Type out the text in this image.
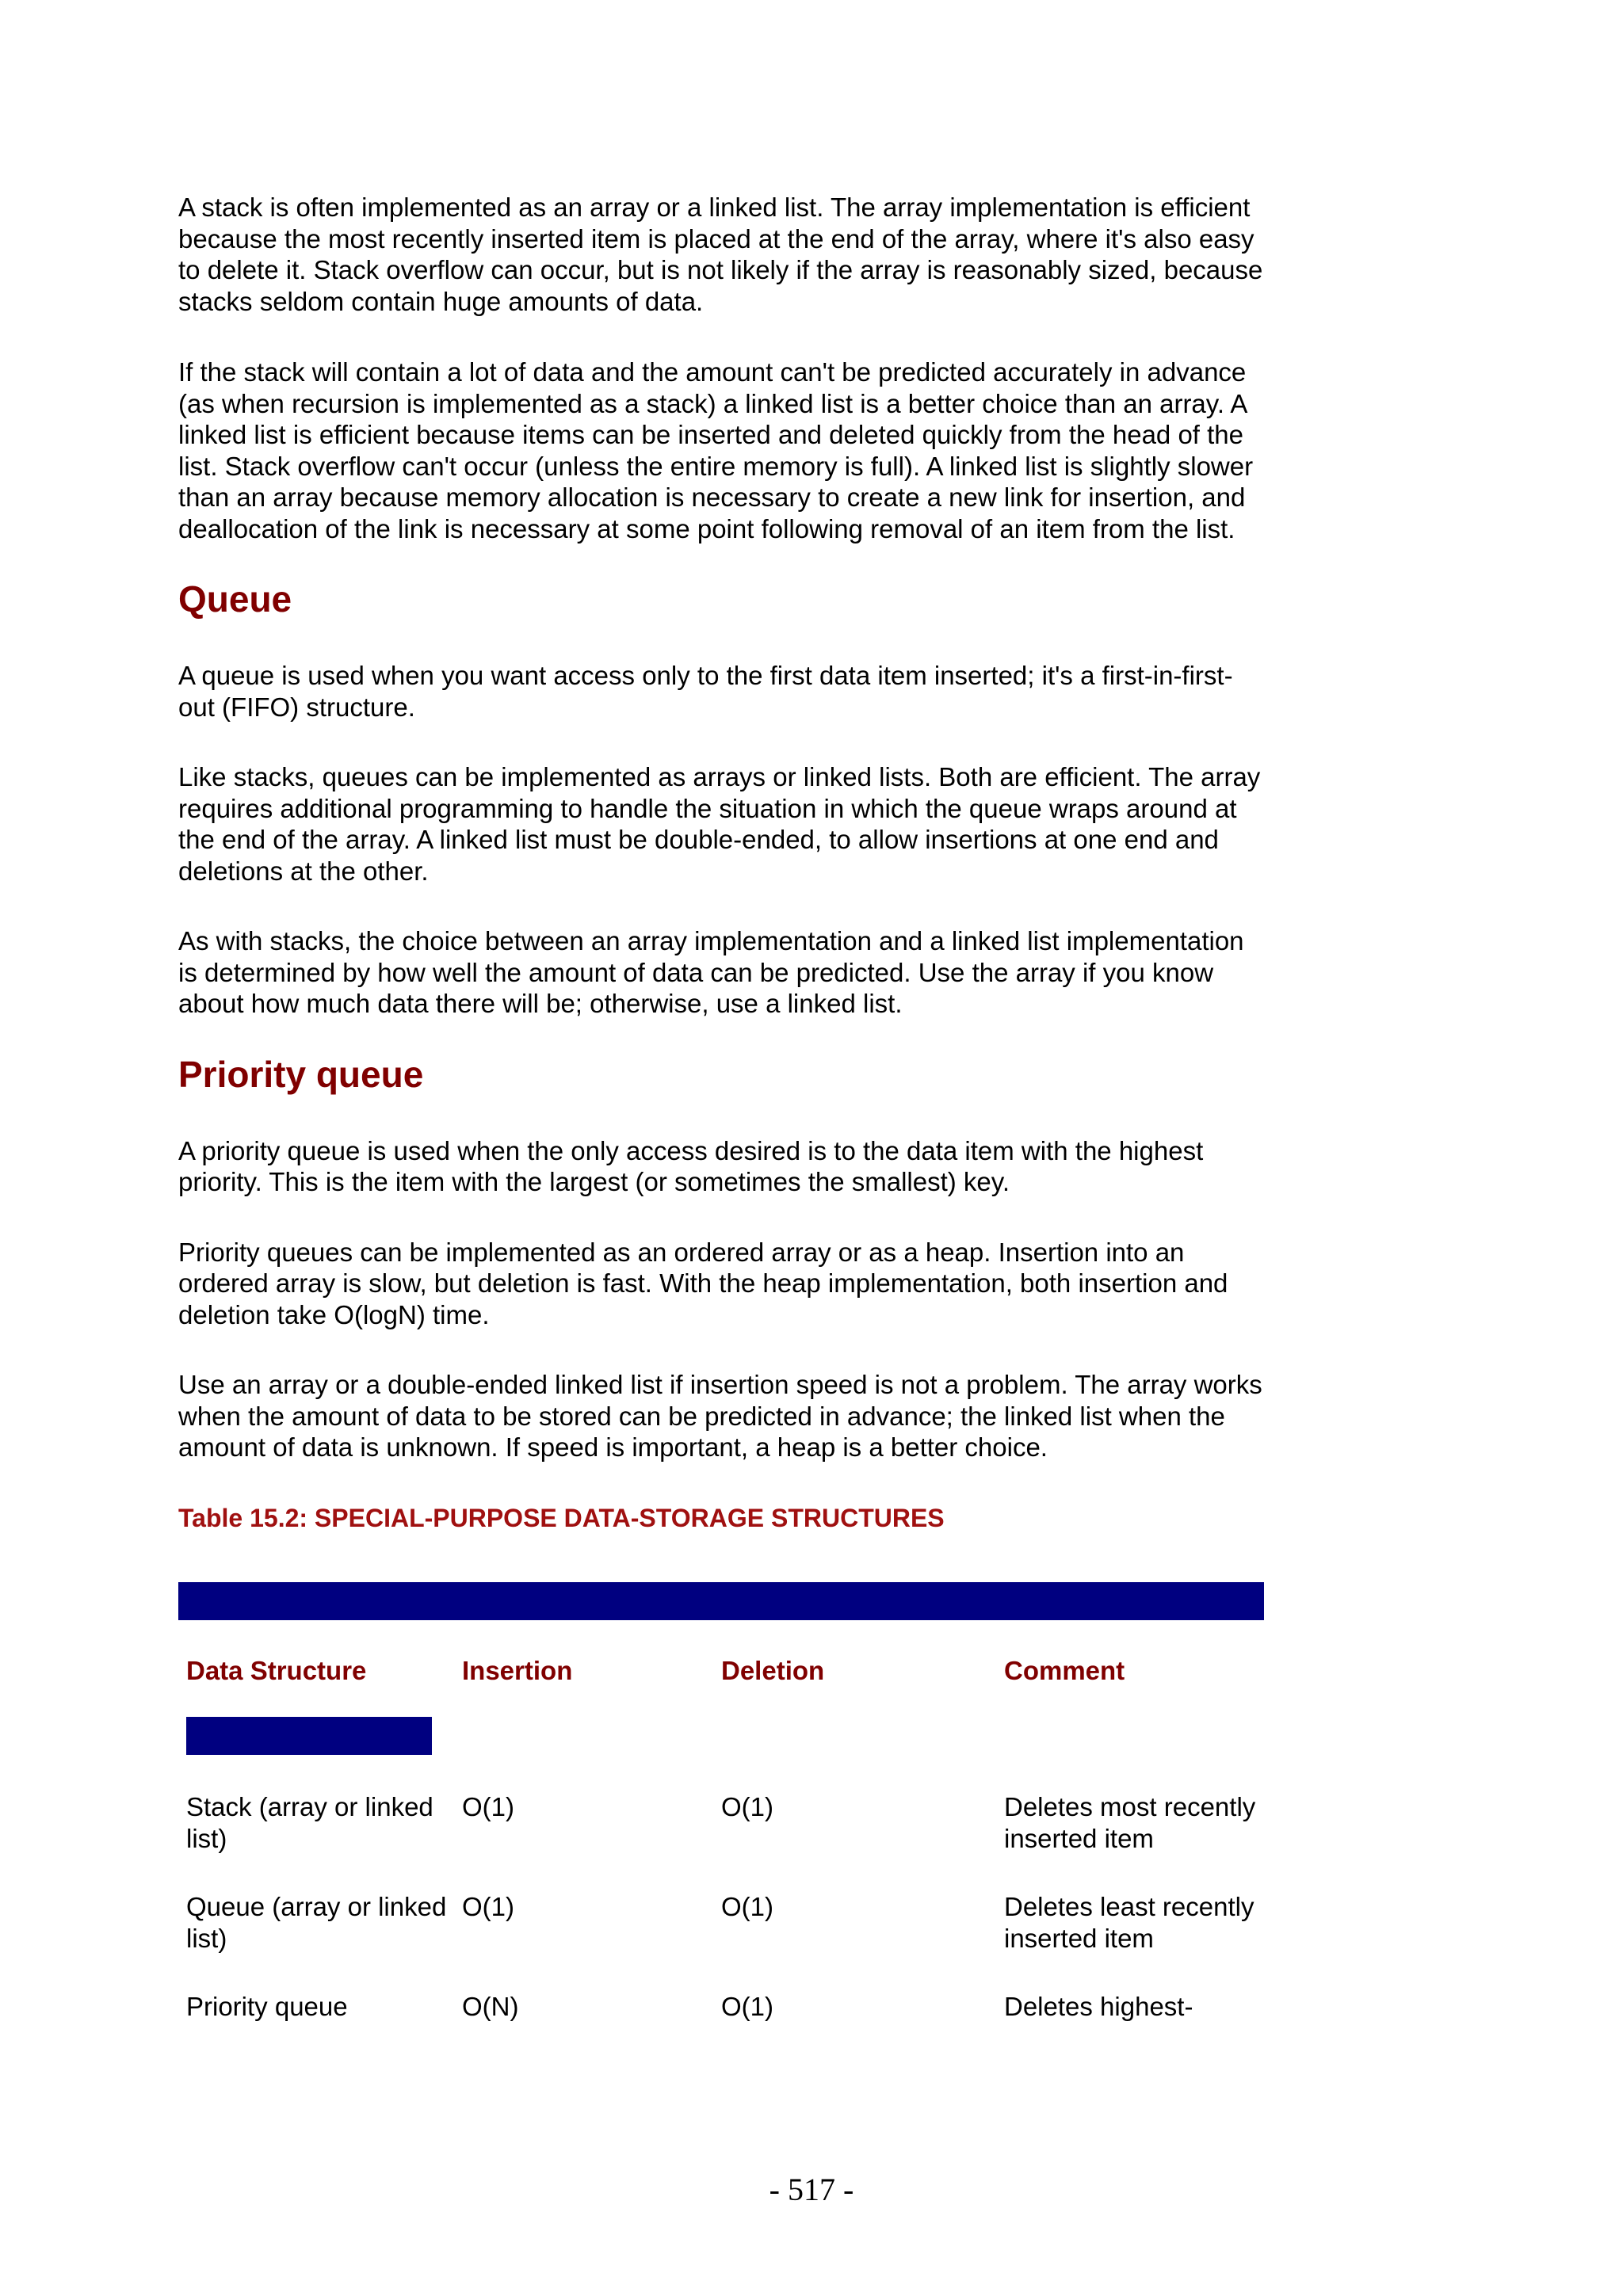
A stack is often implemented as an array or a linked list. The array implementation is efficient because the most recently inserted item is placed at the end of the array, where it's also easy to delete it. Stack overflow can occur, but is not likely if the array is reasonably sized, because stacks seldom contain huge amounts of data.

If the stack will contain a lot of data and the amount can't be predicted accurately in advance (as when recursion is implemented as a stack) a linked list is a better choice than an array. A linked list is efficient because items can be inserted and deleted quickly from the head of the list. Stack overflow can't occur (unless the entire memory is full). A linked list is slightly slower than an array because memory allocation is necessary to create a new link for insertion, and deallocation of the link is necessary at some point following removal of an item from the list.

Queue

A queue is used when you want access only to the first data item inserted; it's a first-in-first-out (FIFO) structure.

Like stacks, queues can be implemented as arrays or linked lists. Both are efficient. The array requires additional programming to handle the situation in which the queue wraps around at the end of the array. A linked list must be double-ended, to allow insertions at one end and deletions at the other.

As with stacks, the choice between an array implementation and a linked list implementation is determined by how well the amount of data can be predicted. Use the array if you know about how much data there will be; otherwise, use a linked list.

Priority queue

A priority queue is used when the only access desired is to the data item with the highest priority. This is the item with the largest (or sometimes the smallest) key.

Priority queues can be implemented as an ordered array or as a heap. Insertion into an ordered array is slow, but deletion is fast. With the heap implementation, both insertion and deletion take O(logN) time.

Use an array or a double-ended linked list if insertion speed is not a problem. The array works when the amount of data to be stored can be predicted in advance; the linked list when the amount of data is unknown. If speed is important, a heap is a better choice.

Table 15.2: SPECIAL-PURPOSE DATA-STORAGE STRUCTURES
Data Structure	Insertion	Deletion	Comment

Stack (array or linked list)	O(1)	O(1)	Deletes most recently inserted item
Queue (array or linked list)	O(1)	O(1)	Deletes least recently inserted item
Priority queue	O(N)	O(1)	Deletes highest-
- 517 -
